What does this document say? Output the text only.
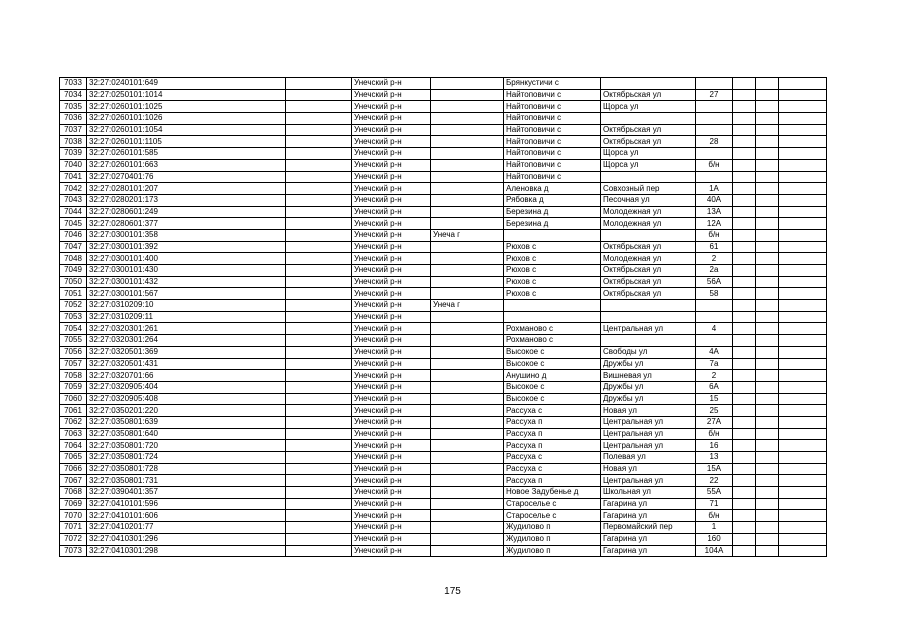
7033	32:27:0240101:649		Унечский р-н		Брянкустичи с					
7034	32:27:0250101:1014		Унечский р-н		Найтоповичи с	Октябрьская ул	27			
7035	32:27:0260101:1025		Унечский р-н		Найтоповичи с	Щорса ул				
7036	32:27:0260101:1026		Унечский р-н		Найтоповичи с					
7037	32:27:0260101:1054		Унечский р-н		Найтоповичи с	Октябрьская ул				
7038	32:27:0260101:1105		Унечский р-н		Найтоповичи с	Октябрьская ул	28			
7039	32:27:0260101:585		Унечский р-н		Найтоповичи с	Щорса ул				
7040	32:27:0260101:663		Унечский р-н		Найтоповичи с	Щорса ул	б/н			
7041	32:27:0270401:76		Унечский р-н		Найтоповичи с					
7042	32:27:0280101:207		Унечский р-н		Аленовка д	Совхозный пер	1А			
7043	32:27:0280201:173		Унечский р-н		Рябовка д	Песочная ул	40А			
7044	32:27:0280601:249		Унечский р-н		Березина д	Молодежная ул	13А			
7045	32:27:0280601:377		Унечский р-н		Березина д	Молодежная ул	12А			
7046	32:27:0300101:358		Унечский р-н	Унеча г			б/н			
7047	32:27:0300101:392		Унечский р-н		Рюхов с	Октябрьская ул	61			
7048	32:27:0300101:400		Унечский р-н		Рюхов с	Молодежная ул	2			
7049	32:27:0300101:430		Унечский р-н		Рюхов с	Октябрьская ул	2а			
7050	32:27:0300101:432		Унечский р-н		Рюхов с	Октябрьская ул	56А			
7051	32:27:0300101:567		Унечский р-н		Рюхов с	Октябрьская ул	58			
7052	32:27:0310209:10		Унечский р-н	Унеча г						
7053	32:27:0310209:11		Унечский р-н							
7054	32:27:0320301:261		Унечский р-н		Рохманово с	Центральная ул	4			
7055	32:27:0320301:264		Унечский р-н		Рохманово с					
7056	32:27:0320501:369		Унечский р-н		Высокое с	Свободы ул	4А			
7057	32:27:0320501:431		Унечский р-н		Высокое с	Дружбы ул	7а			
7058	32:27:0320701:66		Унечский р-н		Анушино д	Вишневая ул	2			
7059	32:27:0320905:404		Унечский р-н		Высокое с	Дружбы ул	6А			
7060	32:27:0320905:408		Унечский р-н		Высокое с	Дружбы ул	15			
7061	32:27:0350201:220		Унечский р-н		Рассуха с	Новая ул	25			
7062	32:27:0350801:639		Унечский р-н		Рассуха п	Центральная ул	27А			
7063	32:27:0350801:640		Унечский р-н		Рассуха п	Центральная ул	б/н			
7064	32:27:0350801:720		Унечский р-н		Рассуха п	Центральная ул	16			
7065	32:27:0350801:724		Унечский р-н		Рассуха с	Полевая ул	13			
7066	32:27:0350801:728		Унечский р-н		Рассуха с	Новая ул	15А			
7067	32:27:0350801:731		Унечский р-н		Рассуха п	Центральная ул	22			
7068	32:27:0390401:357		Унечский р-н		Новое Задубенье д	Школьная ул	55А			
7069	32:27:0410101:596		Унечский р-н		Староселье с	Гагарина ул	71			
7070	32:27:0410101:606		Унечский р-н		Староселье с	Гагарина ул	б/н			
7071	32:27:0410201:77		Унечский р-н		Жудилово п	Первомайский пер	1			
7072	32:27:0410301:296		Унечский р-н		Жудилово п	Гагарина ул	160			
7073	32:27:0410301:298		Унечский р-н		Жудилово п	Гагарина ул	104А			
175
